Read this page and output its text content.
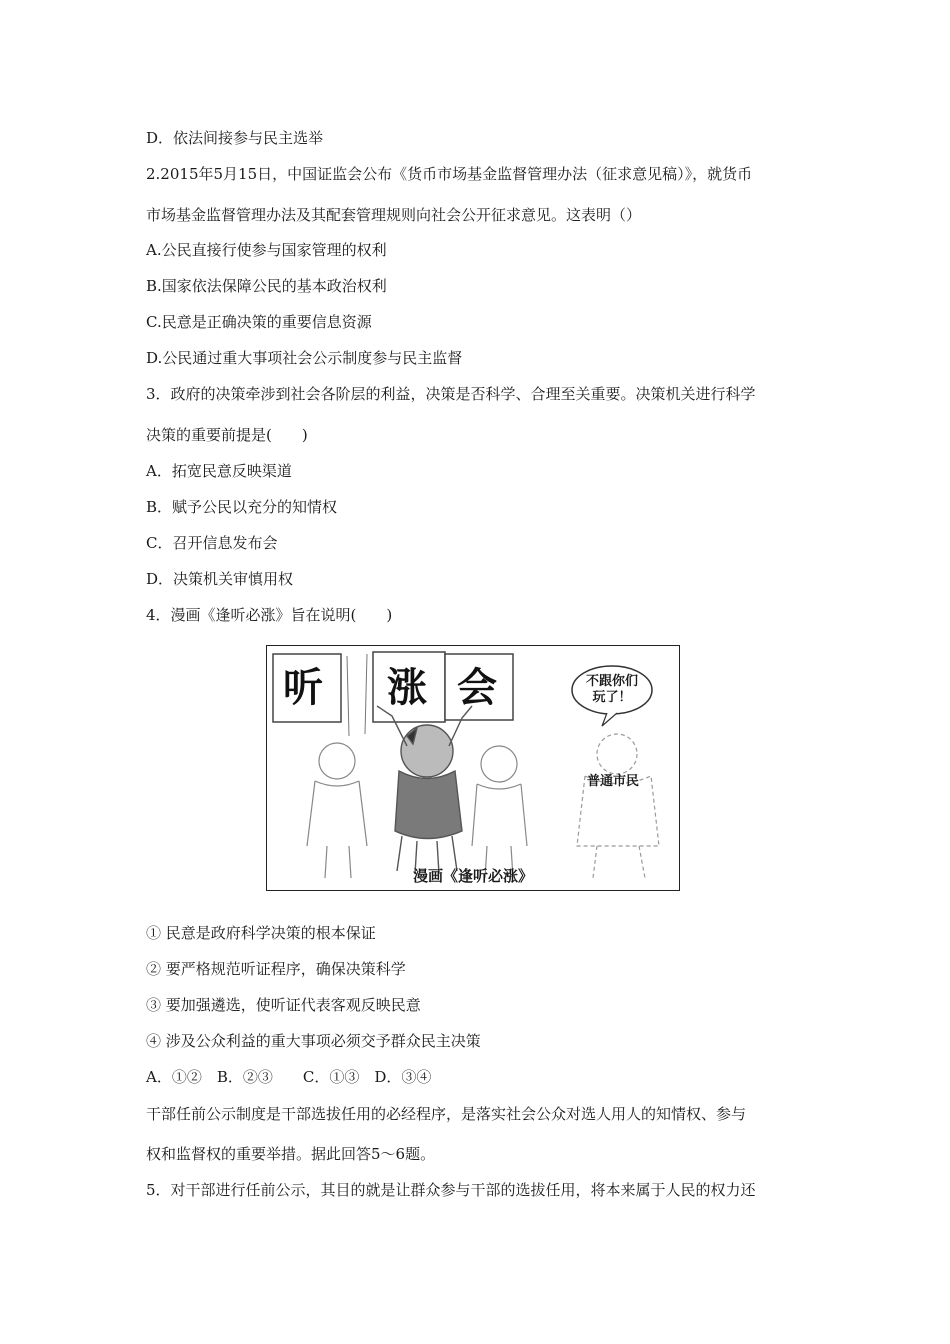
D．依法间接参与民主选举
2.2015年5月15日，中国证监会公布《货币市场基金监督管理办法（征求意见稿）》，就货币
市场基金监督管理办法及其配套管理规则向社会公开征求意见。这表明（）
A.公民直接行使参与国家管理的权利
B.国家依法保障公民的基本政治权利
C.民意是正确决策的重要信息资源
D.公民通过重大事项社会公示制度参与民主监督
3．政府的决策牵涉到社会各阶层的利益，决策是否科学、合理至关重要。决策机关进行科学
决策的重要前提是(　　)
A．拓宽民意反映渠道
B．赋予公民以充分的知情权
C．召开信息发布会
D．决策机关审慎用权
4．漫画《逢听必涨》旨在说明(　　)
听 涨 会	不跟你们玩了！
普通市民
漫画《逢听必涨》
① 民意是政府科学决策的根本保证
② 要严格规范听证程序，确保决策科学
③ 要加强遴选，使听证代表客观反映民意
④ 涉及公众利益的重大事项必须交予群众民主决策
A．①②　B．②③　　C．①③　D．③④
干部任前公示制度是干部选拔任用的必经程序，是落实社会公众对选人用人的知情权、参与
权和监督权的重要举措。据此回答5～6题。
5．对干部进行任前公示，其目的就是让群众参与干部的选拔任用，将本来属于人民的权力还
